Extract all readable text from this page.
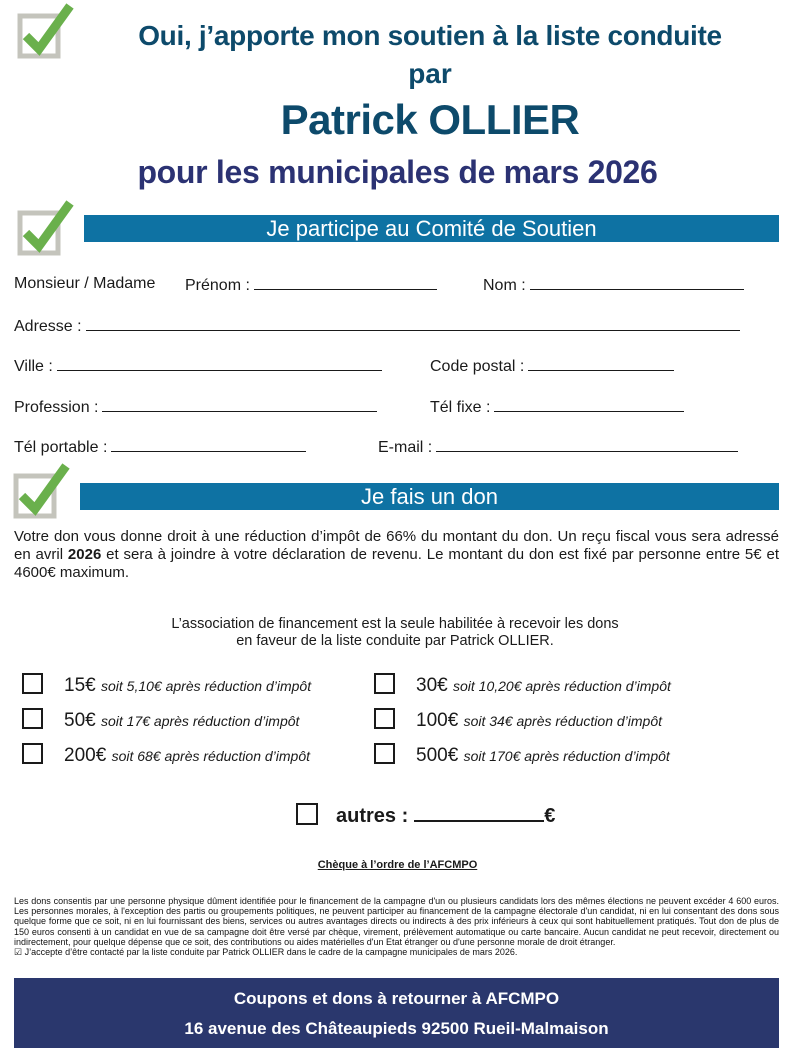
Oui, j’apporte mon soutien à la liste conduite
par
Patrick OLLIER
pour les municipales de mars 2026
Je participe au Comité de Soutien
Monsieur / Madame Prénom :	Nom :
Adresse :
Ville :	Code postal :
Profession :	Tél fixe :
Tél portable :	E-mail :
Je fais un don
Votre don vous donne droit à une réduction d’impôt de 66% du montant du don. Un reçu fiscal vous sera adressé en avril 2026 et sera à joindre à votre déclaration de revenu. Le montant du don est fixé par personne entre 5€ et 4600€ maximum.
L’association de financement est la seule habilitée à recevoir les dons
en faveur de la liste conduite par Patrick OLLIER.
15€ soit 5,10€ après réduction d’impôt	30€ soit 10,20€ après réduction d’impôt
50€ soit 17€ après réduction d’impôt	100€ soit 34€ après réduction d’impôt
200€ soit 68€ après réduction d’impôt	500€ soit 170€ après réduction d’impôt
autres :	€
Chèque à l’ordre de l’AFCMPO
Les dons consentis par une personne physique dûment identifiée pour le financement de la campagne d'un ou plusieurs candidats lors des mêmes élections ne peuvent excéder 4 600 euros. Les personnes morales, à l'exception des partis ou groupements politiques, ne peuvent participer au financement de la campagne électorale d'un candidat, ni en lui consentant des dons sous quelque forme que ce soit, ni en lui fournissant des biens, services ou autres avantages directs ou indirects à des prix inférieurs à ceux qui sont habituellement pratiqués. Tout don de plus de 150 euros consenti à un candidat en vue de sa campagne doit être versé par chèque, virement, prélèvement automatique ou carte bancaire. Aucun candidat ne peut recevoir, directement ou indirectement, pour quelque dépense que ce soit, des contributions ou aides matérielles d'un Etat étranger ou d'une personne morale de droit étranger.
☑ J’accepte d’être contacté par la liste conduite par Patrick OLLIER dans le cadre de la campagne municipales de mars 2026.
Coupons et dons à retourner à AFCMPO
16 avenue des Châteaupieds 92500 Rueil-Malmaison
